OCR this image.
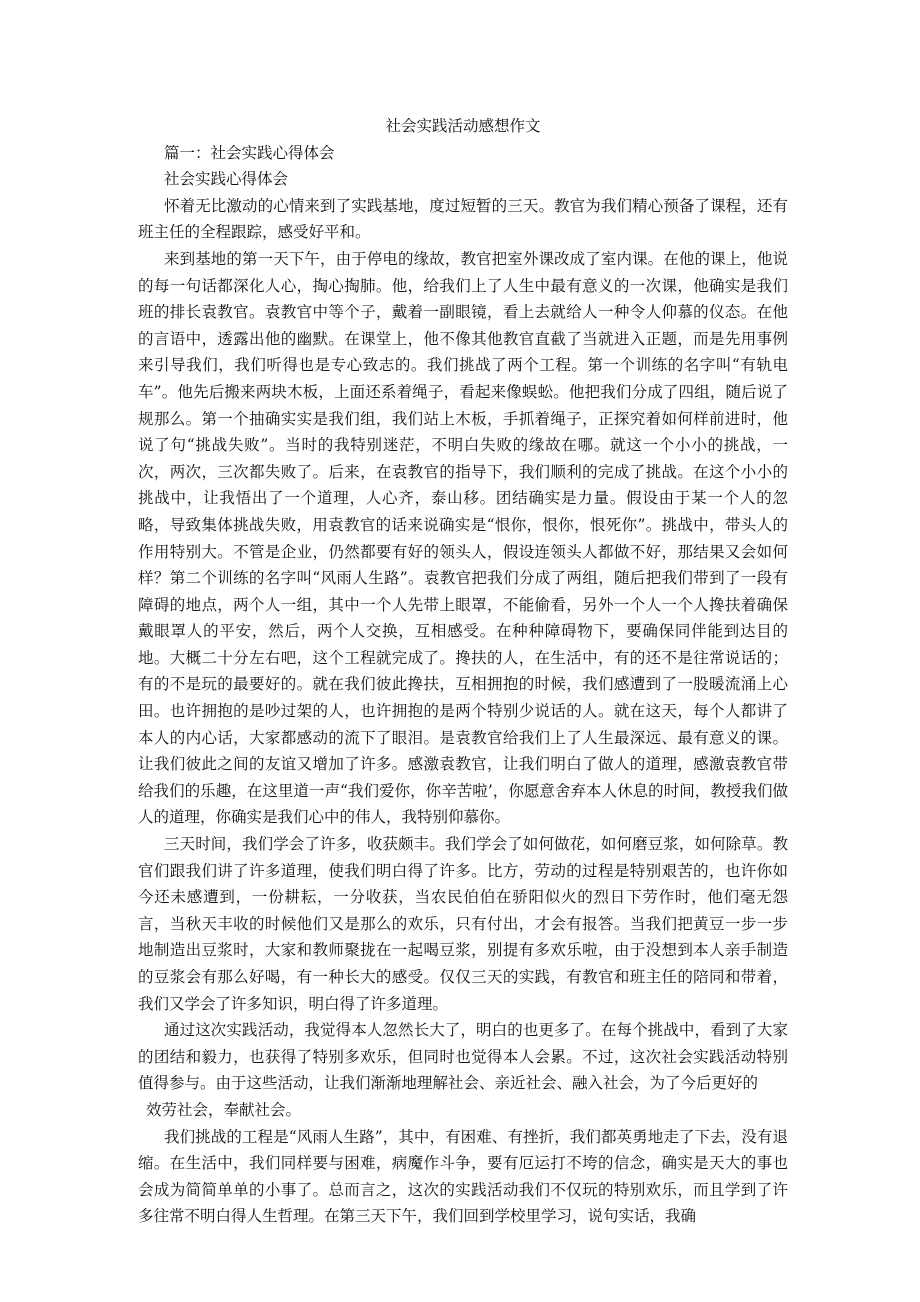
社会实践活动感想作文
篇一：社会实践心得体会
社会实践心得体会

怀着无比激动的心情来到了实践基地，度过短暂的三天。教官为我们精心预备了课程，还有班主任的全程跟踪，感受好平和。

来到基地的第一天下午，由于停电的缘故，教官把室外课改成了室内课。在他的课上，他说的每一句话都深化人心，掏心掏肺。他，给我们上了人生中最有意义的一次课，他确实是我们班的排长袁教官。袁教官中等个子，戴着一副眼镜，看上去就给人一种令人仰慕的仪态。在他的言语中，透露出他的幽默。在课堂上，他不像其他教官直截了当就进入正题，而是先用事例来引导我们，我们听得也是专心致志的。我们挑战了两个工程。第一个训练的名字叫“有轨电车”。他先后搬来两块木板，上面还系着绳子，看起来像蜈蚣。他把我们分成了四组，随后说了规那么。第一个抽确实实是我们组，我们站上木板，手抓着绳子，正探究着如何样前进时，他说了句“挑战失败”。当时的我特别迷茫，不明白失败的缘故在哪。就这一个小小的挑战，一次，两次，三次都失败了。后来，在袁教官的指导下，我们顺利的完成了挑战。在这个小小的挑战中，让我悟出了一个道理，人心齐，泰山移。团结确实是力量。假设由于某一个人的忽略，导致集体挑战失败，用袁教官的话来说确实是“恨你，恨你，恨死你”。挑战中，带头人的作用特别大。不管是企业，仍然都要有好的领头人，假设连领头人都做不好，那结果又会如何样？第二个训练的名字叫“风雨人生路”。袁教官把我们分成了两组，随后把我们带到了一段有障碍的地点，两个人一组，其中一个人先带上眼罩，不能偷看，另外一个人一个人搀扶着确保戴眼罩人的平安，然后，两个人交换，互相感受。在种种障碍物下，要确保同伴能到达目的地。大概二十分左右吧，这个工程就完成了。搀扶的人，在生活中，有的还不是往常说话的；有的不是玩的最要好的。就在我们彼此搀扶，互相拥抱的时候，我们感遭到了一股暖流涌上心田。也许拥抱的是吵过架的人，也许拥抱的是两个特别少说话的人。就在这天，每个人都讲了本人的内心话，大家都感动的流下了眼泪。是袁教官给我们上了人生最深远、最有意义的课。让我们彼此之间的友谊又增加了许多。感激袁教官，让我们明白了做人的道理，感激袁教官带给我们的乐趣，在这里道一声“我们爱你，你辛苦啦’，你愿意舍弃本人休息的时间，教授我们做人的道理，你确实是我们心中的伟人，我特别仰慕你。

三天时间，我们学会了许多，收获颇丰。我们学会了如何做花，如何磨豆浆，如何除草。教官们跟我们讲了许多道理，使我们明白得了许多。比方，劳动的过程是特别艰苦的，也许你如今还未感遭到，一份耕耘，一分收获，当农民伯伯在骄阳似火的烈日下劳作时，他们毫无怨言，当秋天丰收的时候他们又是那么的欢乐，只有付出，才会有报答。当我们把黄豆一步一步地制造出豆浆时，大家和教师聚拢在一起喝豆浆，别提有多欢乐啦，由于没想到本人亲手制造的豆浆会有那么好喝，有一种长大的感受。仅仅三天的实践，有教官和班主任的陪同和带着，我们又学会了许多知识，明白得了许多道理。

通过这次实践活动，我觉得本人忽然长大了，明白的也更多了。在每个挑战中，看到了大家的团结和毅力，也获得了特别多欢乐，但同时也觉得本人会累。不过，这次社会实践活动特别值得参与。由于这些活动，让我们渐渐地理解社会、亲近社会、融入社会，为了今后更好的

效劳社会，奉献社会。

我们挑战的工程是“风雨人生路”，其中，有困难、有挫折，我们都英勇地走了下去，没有退缩。在生活中，我们同样要与困难，病魔作斗争，要有厄运打不垮的信念，确实是天大的事也会成为简简单单的小事了。总而言之，这次的实践活动我们不仅玩的特别欢乐，而且学到了许多往常不明白得人生哲理。在第三天下午，我们回到学校里学习，说句实话，我确
